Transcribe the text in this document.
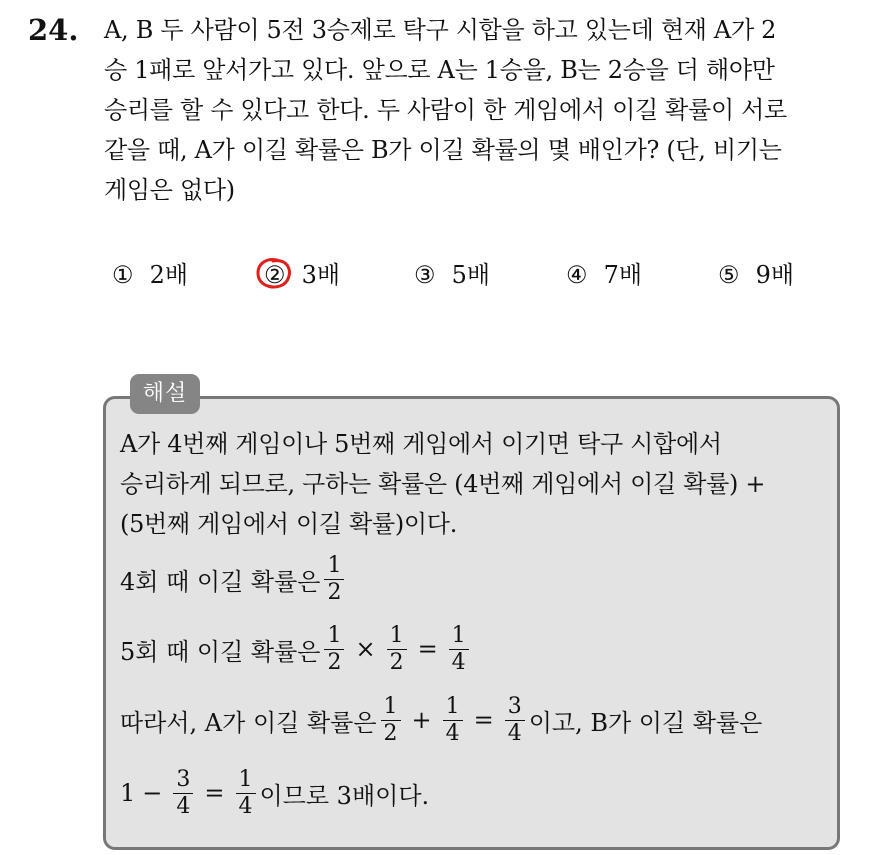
24. A, B 두 사람이 5전 3승제로 탁구 시합을 하고 있는데 현재 A가 2
승 1패로 앞서가고 있다. 앞으로 A는 1승을, B는 2승을 더 해야만
승리를 할 수 있다고 한다. 두 사람이 한 게임에서 이길 확률이 서로
같을 때, A가 이길 확률은 B가 이길 확률의 몇 배인가? (단, 비기는
게임은 없다)
① 2배	② 3배	③ 5배	④ 7배	⑤ 9배
해설
A가 4번째 게임이나 5번째 게임에서 이기면 탁구 시합에서
승리하게 되므로, 구하는 확률은 (4번째 게임에서 이길 확률) +
(5번째 게임에서 이길 확률)이다.
4회 때 이길 확률은 $\frac{1}{2}$
5회 때 이길 확률은 $\frac{1}{2} \times \frac{1}{2} = \frac{1}{4}$
따라서, A가 이길 확률은 $\frac{1}{2} + \frac{1}{4} = \frac{3}{4}$ 이고, B가 이길 확률은
$1 - \frac{3}{4} = \frac{1}{4}$ 이므로 3배이다.
